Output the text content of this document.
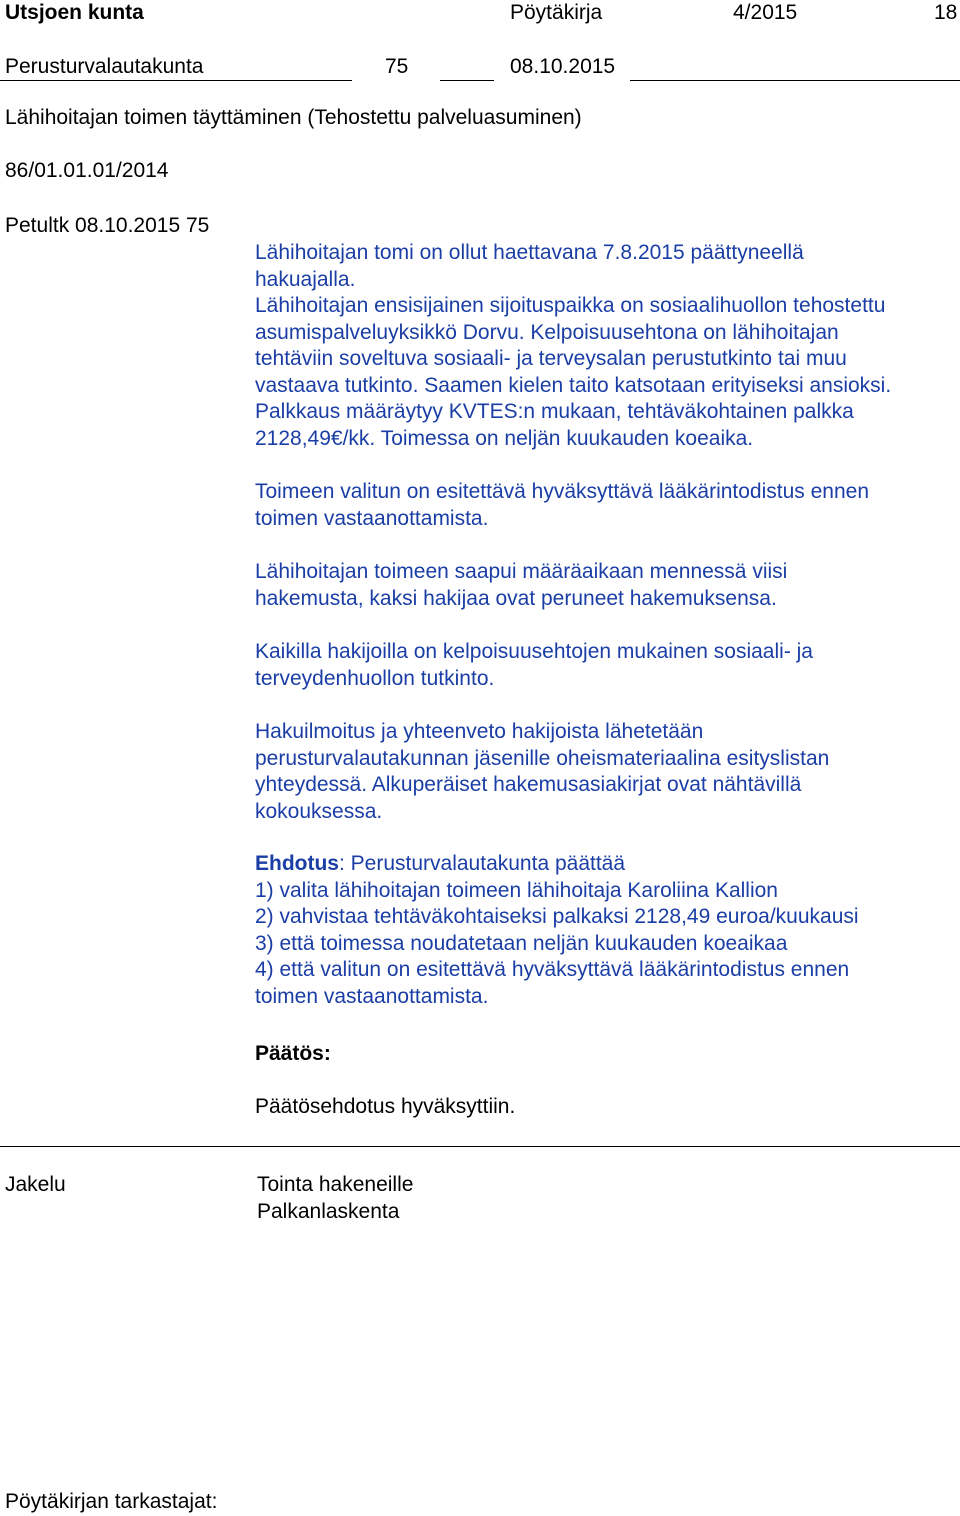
Utsjoen kunta	Pöytäkirja	4/2015	18
Perusturvalautakunta	75	08.10.2015
Lähihoitajan toimen täyttäminen (Tehostettu palveluasuminen)
86/01.01.01/2014
Petultk 08.10.2015 75
Lähihoitajan tomi on ollut haettavana 7.8.2015 päättyneellä
hakuajalla.
Lähihoitajan ensisijainen sijoituspaikka on sosiaalihuollon tehostettu
asumispalveluyksikkö Dorvu. Kelpoisuusehtona on lähihoitajan
tehtäviin soveltuva sosiaali- ja terveysalan perustutkinto tai muu
vastaava tutkinto. Saamen kielen taito katsotaan erityiseksi ansioksi.
Palkkaus määräytyy KVTES:n mukaan, tehtäväkohtainen palkka
2128,49€/kk. Toimessa on neljän kuukauden koeaika.
Toimeen valitun on esitettävä hyväksyttävä lääkärintodistus ennen
toimen vastaanottamista.
Lähihoitajan toimeen saapui määräaikaan mennessä viisi
hakemusta, kaksi hakijaa ovat peruneet hakemuksensa.
Kaikilla hakijoilla on kelpoisuusehtojen mukainen sosiaali- ja
terveydenhuollon tutkinto.
Hakuilmoitus ja yhteenveto hakijoista lähetetään
perusturvalautakunnan jäsenille oheismateriaalina esityslistan
yhteydessä. Alkuperäiset hakemusasiakirjat ovat nähtävillä
kokouksessa.
Ehdotus: Perusturvalautakunta päättää
1) valita lähihoitajan toimeen lähihoitaja Karoliina Kallion
2) vahvistaa tehtäväkohtaiseksi palkaksi 2128,49 euroa/kuukausi
3) että toimessa noudatetaan neljän kuukauden koeaikaa
4) että valitun on esitettävä hyväksyttävä lääkärintodistus ennen
toimen vastaanottamista.
Päätös:
Päätösehdotus hyväksyttiin.
Jakelu	Tointa hakeneille
Palkanlaskenta
Pöytäkirjan tarkastajat:
